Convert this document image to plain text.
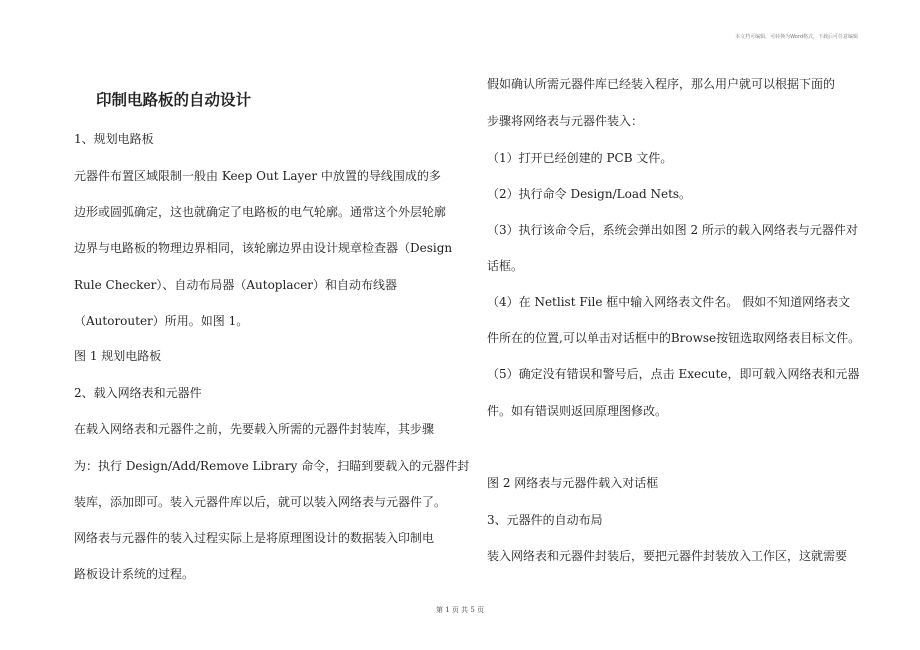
本文档可编辑，可转换为Word格式，下载后可任意编辑
印制电路板的自动设计
1、规划电路板
元器件布置区域限制一般由 Keep Out Layer 中放置的导线围成的多
边形或圆弧确定，这也就确定了电路板的电气轮廓。通常这个外层轮廓
边界与电路板的物理边界相同，该轮廓边界由设计规章检查器（Design
Rule Checker）、自动布局器（Autoplacer）和自动布线器
（Autorouter）所用。如图 1。
图 1 规划电路板
2、载入网络表和元器件
在载入网络表和元器件之前，先要载入所需的元器件封装库，其步骤
为：执行 Design/Add/Remove Library 命令，扫瞄到要载入的元器件封
装库，添加即可。装入元器件库以后，就可以装入网络表与元器件了。
网络表与元器件的装入过程实际上是将原理图设计的数据装入印制电
路板设计系统的过程。
假如确认所需元器件库已经装入程序，那么用户就可以根据下面的
步骤将网络表与元器件装入：
（1）打开已经创建的 PCB 文件。
（2）执行命令 Design/Load Nets。
（3）执行该命令后，系统会弹出如图 2 所示的载入网络表与元器件对
话框。
（4）在 Netlist File 框中输入网络表文件名。 假如不知道网络表文
件所在的位置,可以单击对话框中的Browse按钮选取网络表目标文件。
（5）确定没有错误和警号后，点击 Execute，即可载入网络表和元器
件。如有错误则返回原理图修改。
图 2 网络表与元器件载入对话框
3、元器件的自动布局
装入网络表和元器件封装后，要把元器件封装放入工作区，这就需要
第 1 页 共 5 页
